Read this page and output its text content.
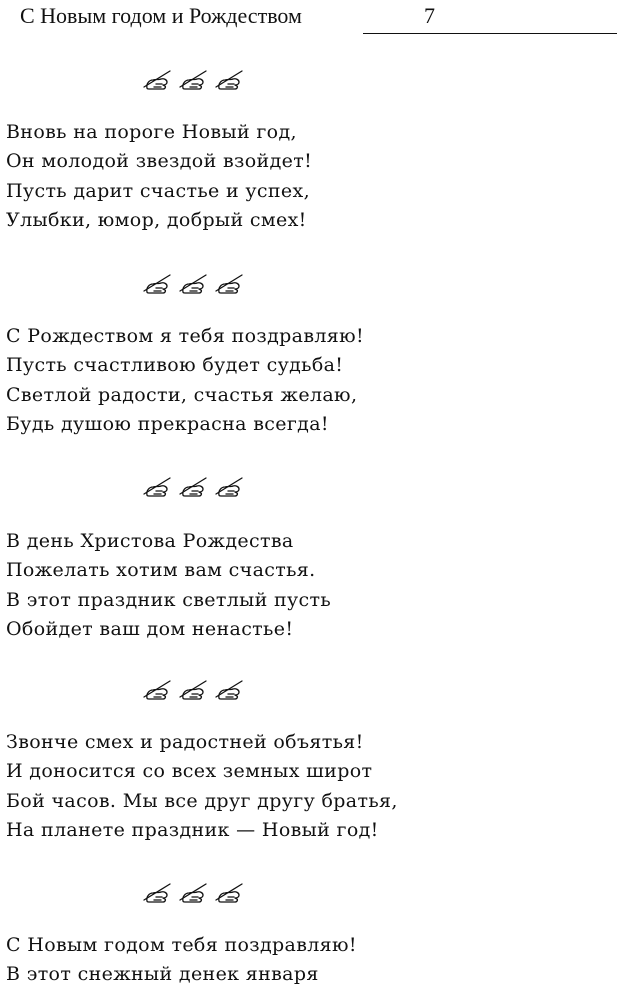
С Новым годом и Рождеством	7
Вновь на пороге Новый год,
Он молодой звездой взойдет!
Пусть дарит счастье и успех,
Улыбки, юмор, добрый смех!
С Рождеством я тебя поздравляю!
Пусть счастливою будет судьба!
Светлой радости, счастья желаю,
Будь душою прекрасна всегда!
В день Христова Рождества
Пожелать хотим вам счастья.
В этот праздник светлый пусть
Обойдет ваш дом ненастье!
Звонче смех и радостней объятья!
И доносится со всех земных широт
Бой часов. Мы все друг другу братья,
На планете праздник — Новый год!
С Новым годом тебя поздравляю!
В этот снежный денек января
